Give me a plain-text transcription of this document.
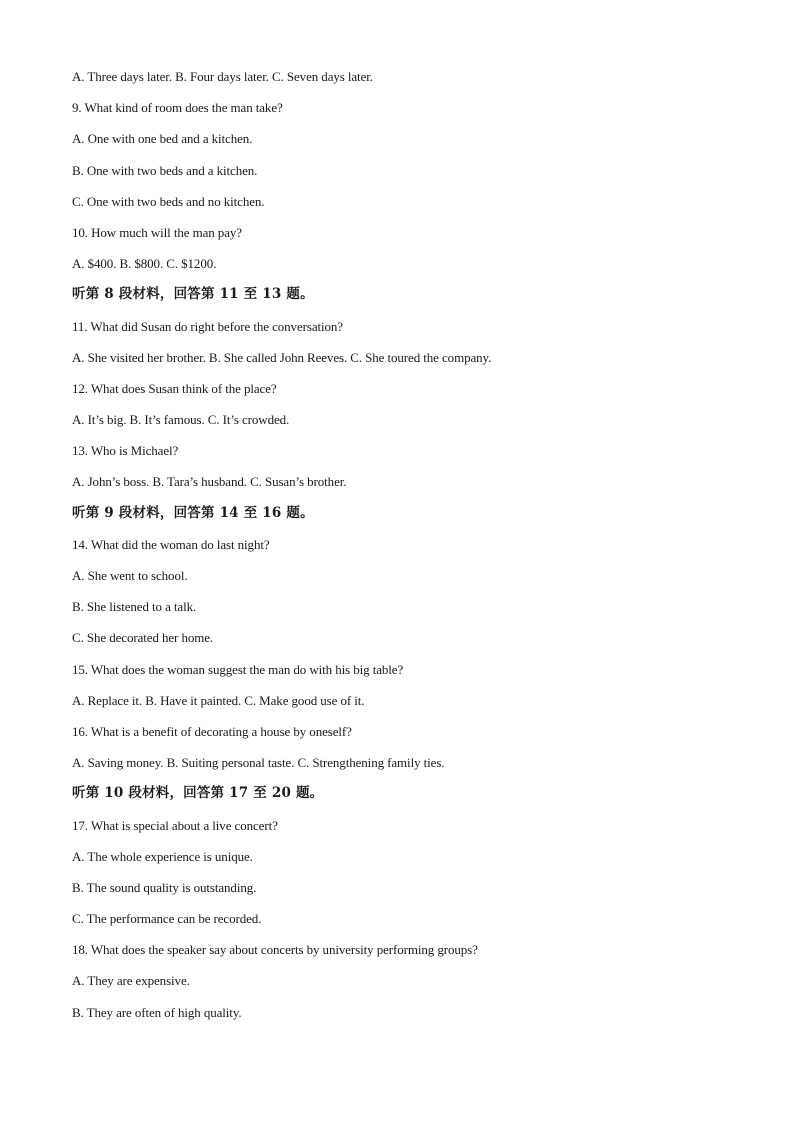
A. Three days later. B. Four days later. C. Seven days later.
9. What kind of room does the man take?
A. One with one bed and a kitchen.
B. One with two beds and a kitchen.
C. One with two beds and no kitchen.
10. How much will the man pay?
A. $400. B. $800. C. $1200.
听第 8 段材料，回答第 11 至 13 题。
11. What did Susan do right before the conversation?
A. She visited her brother. B. She called John Reeves. C. She toured the company.
12. What does Susan think of the place?
A. It’s big. B. It’s famous. C. It’s crowded.
13. Who is Michael?
A. John’s boss. B. Tara’s husband. C. Susan’s brother.
听第 9 段材料，回答第 14 至 16 题。
14. What did the woman do last night?
A. She went to school.
B. She listened to a talk.
C. She decorated her home.
15. What does the woman suggest the man do with his big table?
A. Replace it. B. Have it painted. C. Make good use of it.
16. What is a benefit of decorating a house by oneself?
A. Saving money. B. Suiting personal taste. C. Strengthening family ties.
听第 10 段材料，回答第 17 至 20 题。
17. What is special about a live concert?
A. The whole experience is unique.
B. The sound quality is outstanding.
C. The performance can be recorded.
18. What does the speaker say about concerts by university performing groups?
A. They are expensive.
B. They are often of high quality.
